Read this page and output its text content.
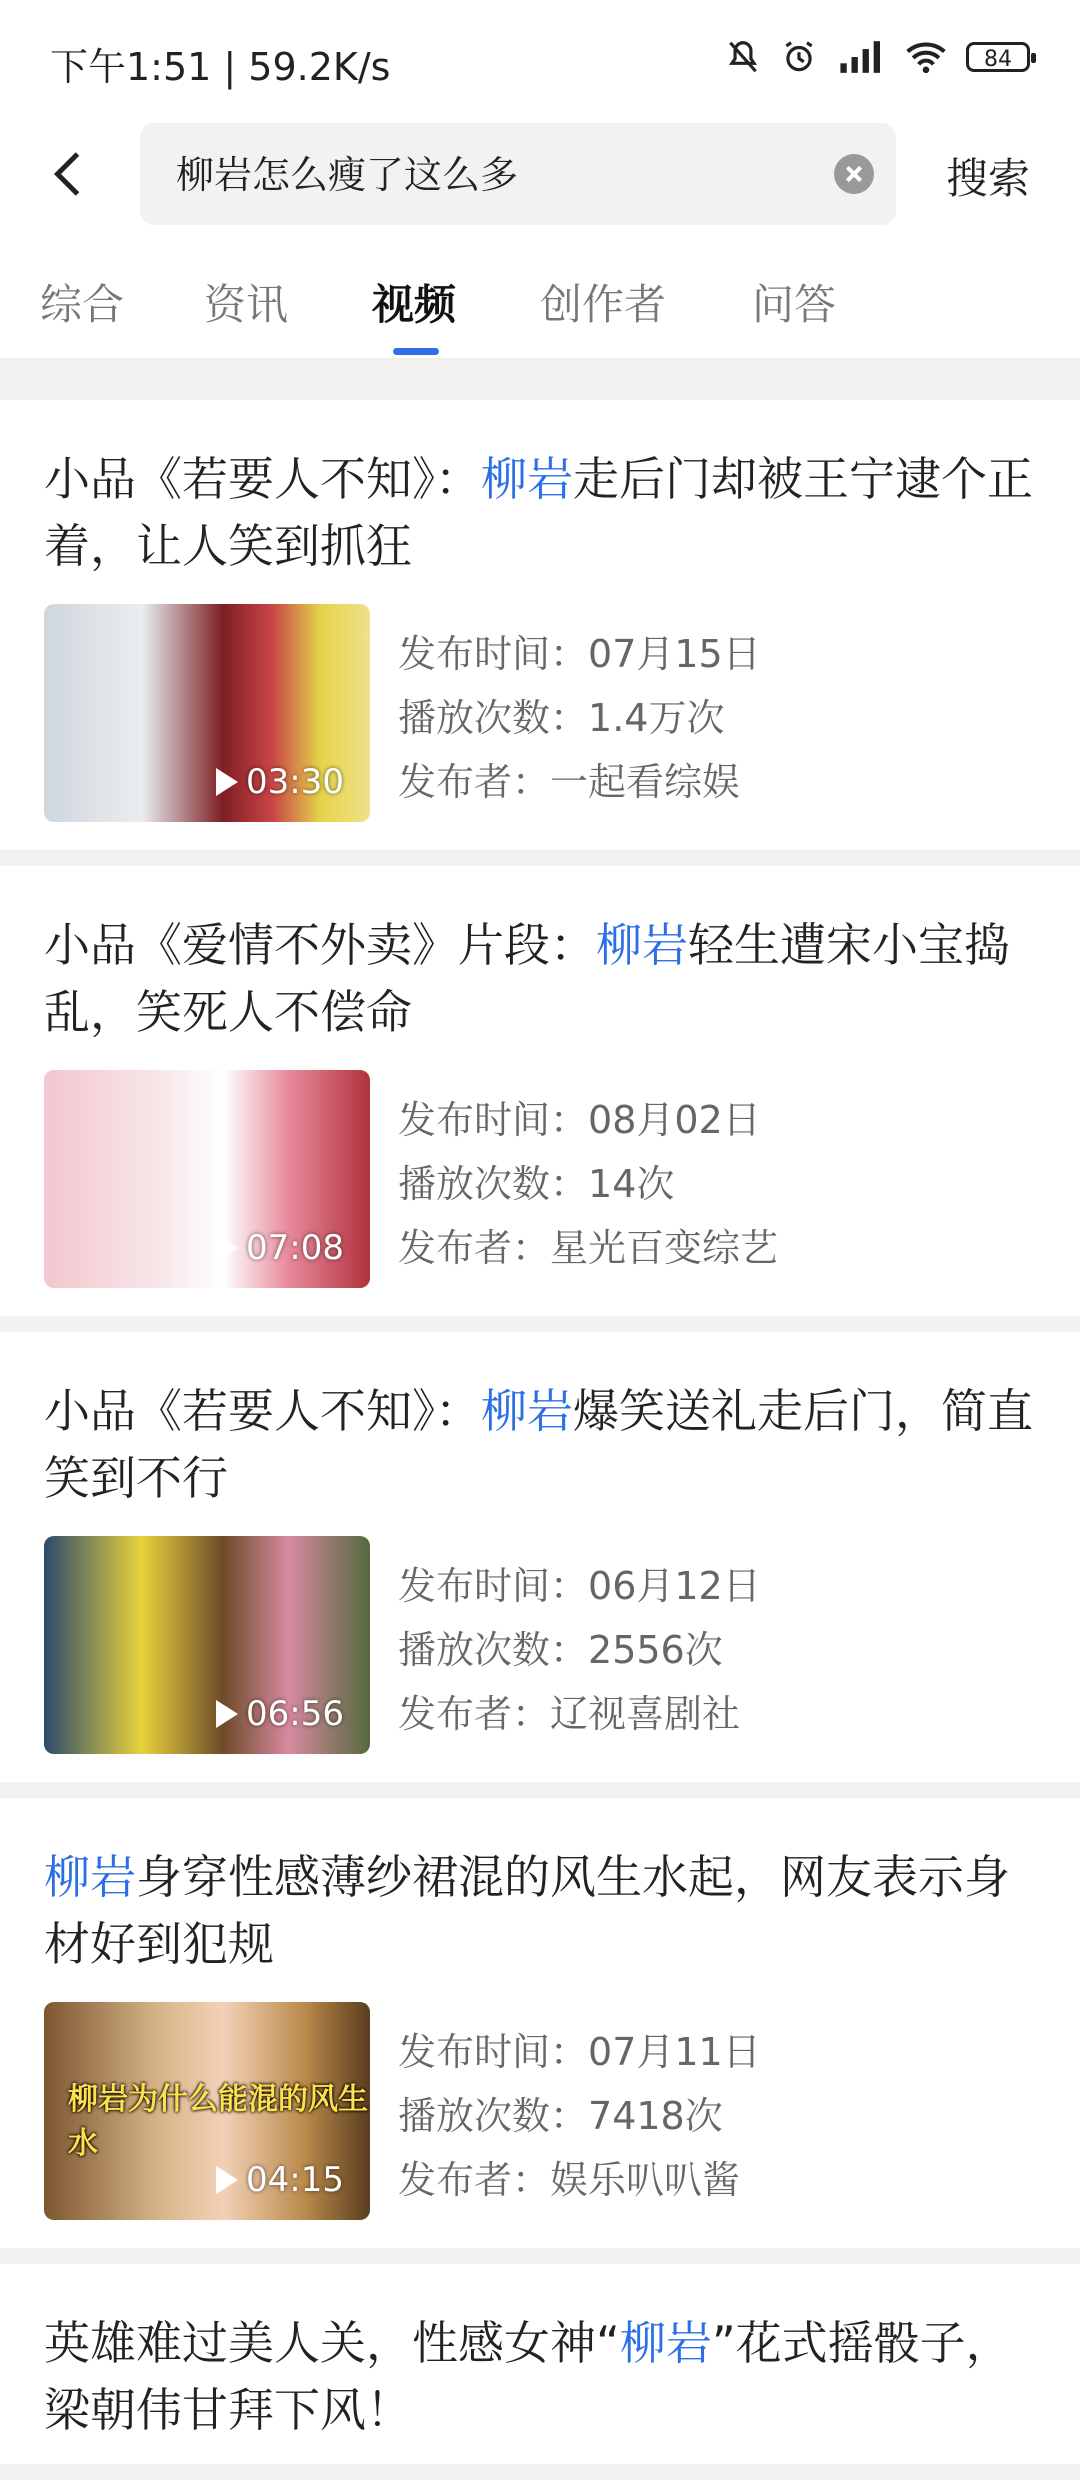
下午1:51 | 59.2K/s	84
柳岩怎么瘦了这么多
搜索
综合 资讯 视频 创作者 问答
小品《若要人不知》：柳岩走后门却被王宁逮个正着，让人笑到抓狂
03:30
发布时间：07月15日
播放次数：1.4万次
发布者：一起看综娱
小品《爱情不外卖》片段：柳岩轻生遭宋小宝捣乱，笑死人不偿命
07:08
发布时间：08月02日
播放次数：14次
发布者：星光百变综艺
小品《若要人不知》：柳岩爆笑送礼走后门，简直笑到不行
06:56
发布时间：06月12日
播放次数：2556次
发布者：辽视喜剧社
柳岩身穿性感薄纱裙混的风生水起，网友表示身材好到犯规
柳岩为什么能混的风生水
04:15
发布时间：07月11日
播放次数：7418次
发布者：娱乐叭叭酱
英雄难过美人关，性感女神“柳岩”花式摇骰子，梁朝伟甘拜下风！
